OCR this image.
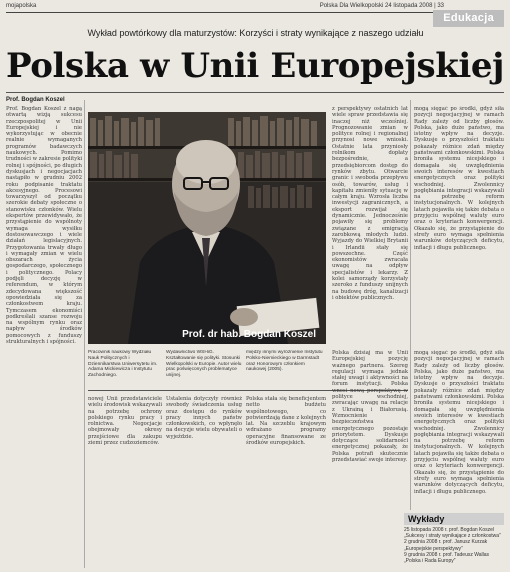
mojapolska	Polska Dla Wielkopolski 24 listopada 2008 | 33
Edukacja
Wykład powtórkowy dla maturzystów: Korzyści i straty wynikające z naszego udziału
Polska w Unii Europejskiej
Prof. Bogdan Koszel
Prof. Bogdan Koszel z nagą otwartą wizją sukcesu rzeczpospolitej w Unii Europejskiej i nie wykorzystując w obecnie realnie wymaganych programów badawczych naukowych. Pomimo trudności w zakresie polityki rolnej i spójności, po długich dyskusjach i negocjacjach nastąpiło w grudniu 2002 roku podpisanie traktatu akcesyjnego. Procesowi towarzyszył od początku szerokie debaty społeczne o stanowisku członków. Wielu ekspertów przewidywało, że przystąpienie do wspólnoty wymaga wysiłku dostosowawczego i wiele działań legislacyjnych. Przygotowania trwały długo i wymagały zmian w wielu obszarach życia gospodarczego, społecznego i politycznego. Polacy podjęli decyzję w referendum, w którym zdecydowana większość opowiedziała się za członkostwem kraju. Tymczasem ekonomiści podkreślali szanse rozwoju na wspólnym rynku oraz napływ środków pomocowych z funduszy strukturalnych i spójności.
Prof. dr hab. Bogdan Koszel
z perspektywy ostatnich lat wiele spraw przedstawia się inaczej niż wcześniej. Prognozowanie zmian w polityce rolnej i regionalnej przynosi nowe wnioski. Ostatnie lata przyniosły rolnikom dopłaty bezpośrednie, a przedsiębiorcom dostęp do rynków zbytu. Otwarcie granic i swoboda przepływu osób, towarów, usług i kapitału zmieniły sytuację w całym kraju. Wzrosła liczba inwestycji zagranicznych, a eksport rozwijał się dynamicznie. Jednocześnie pojawiły się problemy związane z emigracją zarobkową młodych ludzi. Wyjazdy do Wielkiej Brytanii i Irlandii stały się powszechne. Część ekonomistów zwracała uwagę na odpływ specjalistów i lekarzy. Z kolei samorządy korzystały szeroko z funduszy unijnych na budowę dróg, kanalizacji i obiektów publicznych.
mogą sięgać po środki, gdyż siła pozycji negocjacyjnej w ramach Rady zależy od liczby głosów. Polska, jako duże państwo, ma istotny wpływ na decyzje. Dyskusje o przyszłości traktatu pokazały różnice zdań między państwami członkowskimi. Polska broniła systemu nicejskiego i domagała się uwzględnienia swoich interesów w kwestiach energetycznych oraz polityki wschodniej. Zwolennicy pogłębiania integracji wskazywali na potrzebę reform instytucjonalnych. W kolejnych latach pojawiła się także debata o przyjęciu wspólnej waluty euro oraz o kryteriach konwergencji. Okazało się, że przystąpienie do strefy euro wymaga spełnienia warunków dotyczących deficytu, inflacji i długu publicznego.
Pracownik naukowy Wydziału Nauk Politycznych i Dziennikarstwa Uniwersytetu im. Adama Mickiewicza i Instytutu Zachodniego.
Wydawnictwo WSHiG. Kształtowanie się polityki. Stosunki Wielkopolski w Europie. Autor wielu prac poświęconych problematyce unijnej.
między innymi wyróżnienie Instytutu Polsko-Niemieckiego w Darmstadt oraz Honorowym członkiem naukowej (2005).
nowej Unii przedstawiciele wielu środowisk wskazywali na potrzebę ochrony polskiego rynku pracy i rolnictwa. Negocjacje obejmowały okresy przejściowe dla zakupu ziemi przez cudzoziemców.
Ustalenia dotyczyły również swobody świadczenia usług oraz dostępu do rynków pracy innych państw członkowskich, co wpłynęło na decyzje wielu obywateli o wyjeździe.
Polska stała się beneficjentem netto budżetu wspólnotowego, co potwierdzają dane z kolejnych lat. Na szczeblu krajowym wdrażano programy operacyjne finansowane ze środków europejskich.
Polska dzisiaj ma w Unii Europejskiej pozycję ważnego partnera. Szereg regulacji wymaga jednak stałej uwagi i aktywności na forum instytucji. Polska wnosi nową perspektywę w polityce wschodniej, zwracając uwagę na relacje z Ukrainą i Białorusią. Wzmocnienie bezpieczeństwa energetycznego pozostaje priorytetem. Dyskusje dotyczące solidarności energetycznej pokazały, że Polska potrafi skutecznie przedstawiać swoje interesy.
mogą sięgać po środki, gdyż siła pozycji negocjacyjnej w ramach Rady zależy od liczby głosów. Polska, jako duże państwo, ma istotny wpływ na decyzje. Dyskusje o przyszłości traktatu pokazały różnice zdań między państwami członkowskimi. Polska broniła systemu nicejskiego i domagała się uwzględnienia swoich interesów w kwestiach energetycznych oraz polityki wschodniej. Zwolennicy pogłębiania integracji wskazywali na potrzebę reform instytucjonalnych. W kolejnych latach pojawiła się także debata o przyjęciu wspólnej waluty euro oraz o kryteriach konwergencji. Okazało się, że przystąpienie do strefy euro wymaga spełnienia warunków dotyczących deficytu, inflacji i długu publicznego.
Wykłady
25 listopada 2008 r. prof. Bogdan Koszel „Sukcesy i straty wynikające z członkostwa”
2 grudnia 2008 r. prof. Janusz Kurzak „Europejskie perspektywy”
9 grudnia 2008 r. prof. Tadeusz Wallas „Polska i Rada Europy”
